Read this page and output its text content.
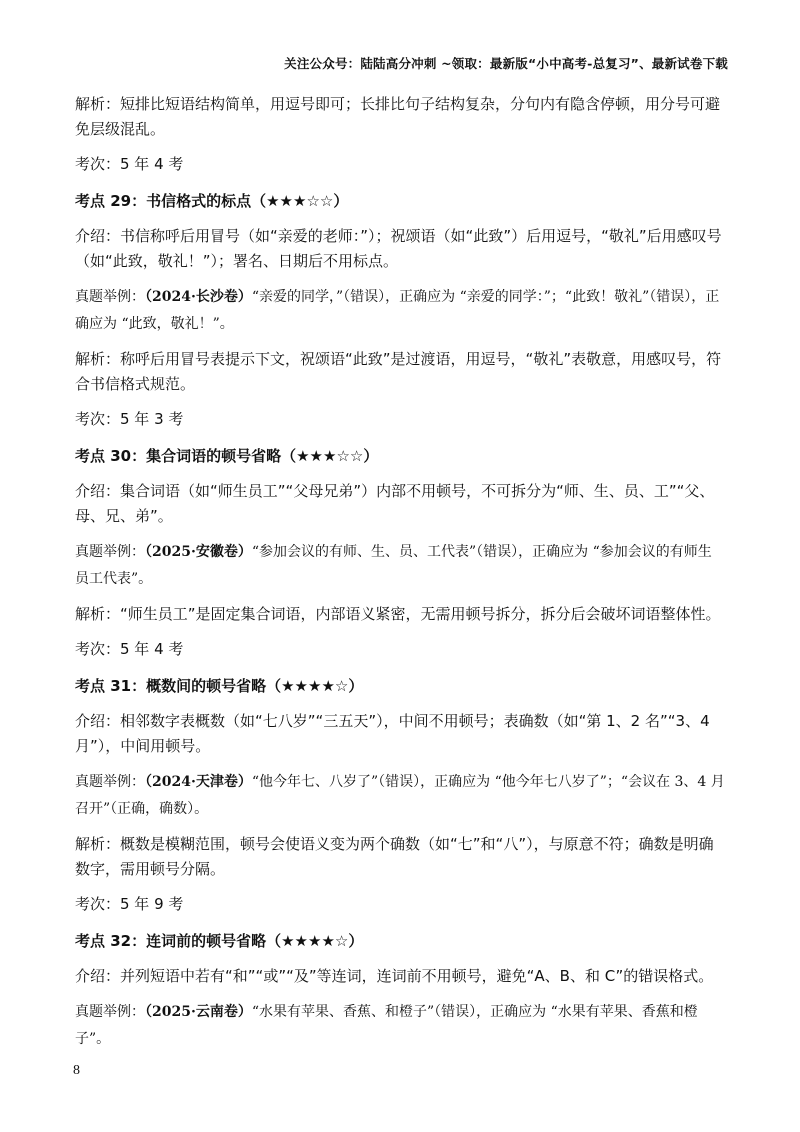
关注公众号：陆陆高分冲刺 ~领取：最新版“小中高考-总复习”、最新试卷下载

解析：短排比短语结构简单，用逗号即可；长排比句子结构复杂，分句内有隐含停顿，用分号可避免层级混乱。

考次：5 年 4 考

考点 29：书信格式的标点（★★★☆☆）

介绍：书信称呼后用冒号（如“亲爱的老师：”）；祝颂语（如“此致”）后用逗号，“敬礼”后用感叹号（如“此致，敬礼！”）；署名、日期后不用标点。

真题举例：（2024·长沙卷）“亲爱的同学，”（错误），正确应为 “亲爱的同学：”；“此致！敬礼”（错误），正确应为 “此致，敬礼！”。

解析：称呼后用冒号表提示下文，祝颂语“此致”是过渡语，用逗号，“敬礼”表敬意，用感叹号，符合书信格式规范。

考次：5 年 3 考

考点 30：集合词语的顿号省略（★★★☆☆）

介绍：集合词语（如“师生员工”“父母兄弟”）内部不用顿号，不可拆分为“师、生、员、工”“父、母、兄、弟”。

真题举例：（2025·安徽卷）“参加会议的有师、生、员、工代表”（错误），正确应为 “参加会议的有师生员工代表”。

解析：“师生员工”是固定集合词语，内部语义紧密，无需用顿号拆分，拆分后会破坏词语整体性。

考次：5 年 4 考

考点 31：概数间的顿号省略（★★★★☆）

介绍：相邻数字表概数（如“七八岁”“三五天”），中间不用顿号；表确数（如“第 1、2 名”“3、4 月”），中间用顿号。

真题举例：（2024·天津卷）“他今年七、八岁了”（错误），正确应为 “他今年七八岁了”；“会议在 3、4 月召开”（正确，确数）。

解析：概数是模糊范围，顿号会使语义变为两个确数（如“七”和“八”），与原意不符；确数是明确数字，需用顿号分隔。

考次：5 年 9 考

考点 32：连词前的顿号省略（★★★★☆）

介绍：并列短语中若有“和”“或”“及”等连词，连词前不用顿号，避免“A、B、和 C”的错误格式。

真题举例：（2025·云南卷）“水果有苹果、香蕉、和橙子”（错误），正确应为 “水果有苹果、香蕉和橙子”。

8
